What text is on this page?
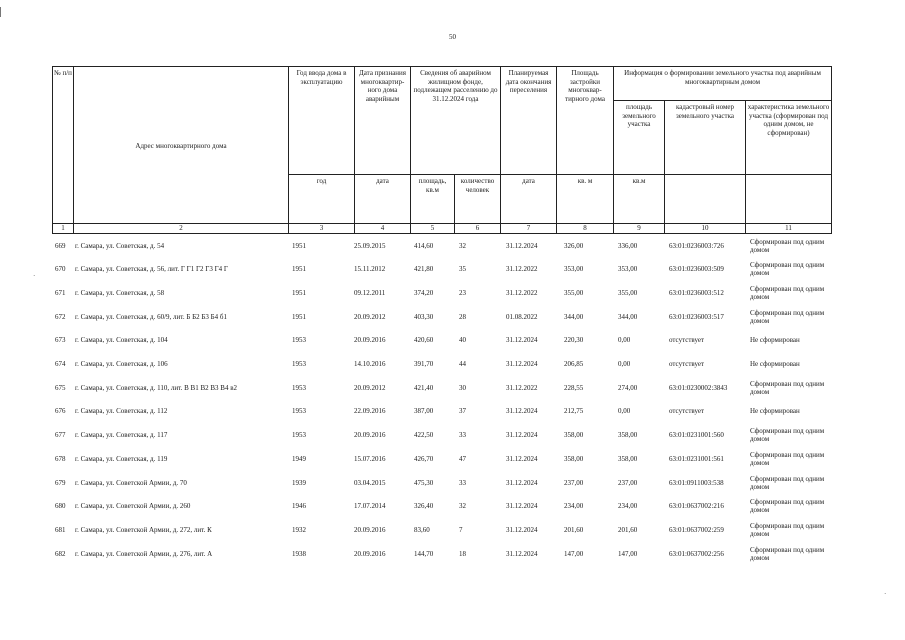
50
№ п/п	Адрес многоквартирного дома	Год ввода дома в эксплуатацию	Дата признания многоквартир-ного дома аварийным	Сведения об аварийном жилищном фонде, подлежащем расселению до 31.12.2024 года		Планируемая дата окончания переселения	Площадь застройки многоквар-тирного дома	Информация о формировании земельного участка под аварийным многоквартирным домом		
								площадь земельного участка	кадастровый номер земельного участка	характеристика земельного участка (сформирован под одним домом, не сформирован)
		год	дата	площадь, кв.м	количество человек	дата	кв. м	кв.м		
1	2	3	4	5	6	7	8	9	10	11
669	г. Самара, ул. Советская, д. 54	1951	25.09.2015	414,60	32	31.12.2024	326,00	336,00	63:01:0236003:726	Сформирован под одним домом
670	г. Самара, ул. Советская, д. 56, лит. Г Г1 Г2 Г3 Г4 Г	1951	15.11.2012	421,80	35	31.12.2022	353,00	353,00	63:01:0236003:509	Сформирован под одним домом
671	г. Самара, ул. Советская, д. 58	1951	09.12.2011	374,20	23	31.12.2022	355,00	355,00	63:01:0236003:512	Сформирован под одним домом
672	г. Самара, ул. Советская, д. 60/9, лит. Б Б2 Б3 Б4 б1	1951	20.09.2012	403,30	28	01.08.2022	344,00	344,00	63:01:0236003:517	Сформирован под одним домом
673	г. Самара, ул. Советская, д. 104	1953	20.09.2016	420,60	40	31.12.2024	220,30	0,00	отсутствует	Не сформирован
674	г. Самара, ул. Советская, д. 106	1953	14.10.2016	391,70	44	31.12.2024	206,85	0,00	отсутствует	Не сформирован
675	г. Самара, ул. Советская, д. 110, лит. В В1 В2 В3 В4 в2	1953	20.09.2012	421,40	30	31.12.2022	228,55	274,00	63:01:0230002:3843	Сформирован под одним домом
676	г. Самара, ул. Советская, д. 112	1953	22.09.2016	387,00	37	31.12.2024	212,75	0,00	отсутствует	Не сформирован
677	г. Самара, ул. Советская, д. 117	1953	20.09.2016	422,50	33	31.12.2024	358,00	358,00	63:01:0231001:560	Сформирован под одним домом
678	г. Самара, ул. Советская, д. 119	1949	15.07.2016	426,70	47	31.12.2024	358,00	358,00	63:01:0231001:561	Сформирован под одним домом
679	г. Самара, ул. Советской Армии, д. 70	1939	03.04.2015	475,30	33	31.12.2024	237,00	237,00	63:01:0911003:538	Сформирован под одним домом
680	г. Самара, ул. Советской Армии, д. 260	1946	17.07.2014	326,40	32	31.12.2024	234,00	234,00	63:01:0637002:216	Сформирован под одним домом
681	г. Самара, ул. Советской Армии, д. 272, лит. К	1932	20.09.2016	83,60	7	31.12.2024	201,60	201,60	63:01:0637002:259	Сформирован под одним домом
682	г. Самара, ул. Советской Армии, д. 276, лит. А	1938	20.09.2016	144,70	18	31.12.2024	147,00	147,00	63:01:0637002:256	Сформирован под одним домом
·
·
